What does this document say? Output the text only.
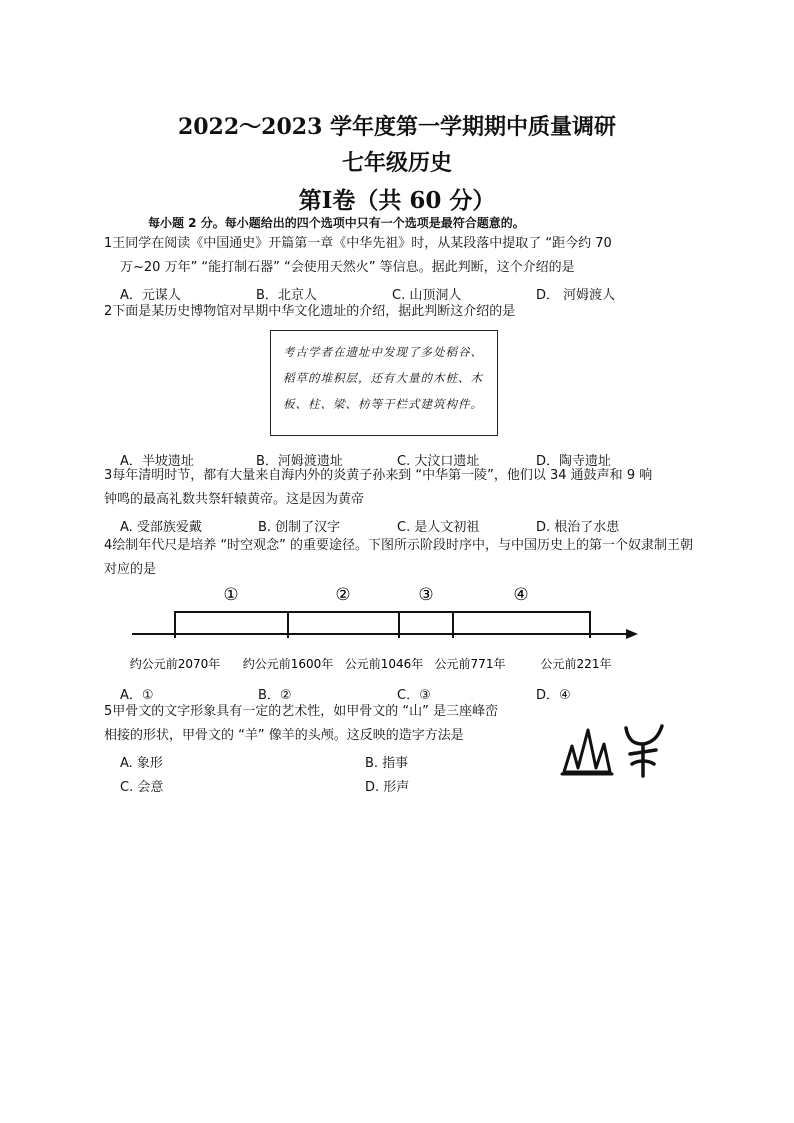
2022～2023 学年度第一学期期中质量调研
七年级历史
第Ⅰ卷（共 60 分）
每小题 2 分。每小题给出的四个选项中只有一个选项是最符合题意的。
1王同学在阅读《中国通史》开篇第一章《中华先祖》时，从某段落中提取了 “距今约 70
万~20 万年” “能打制石器” “会使用天然火” 等信息。据此判断，这个介绍的是
A．元谋人	B．北京人	C. 山顶洞人	D． 河姆渡人
2下面是某历史博物馆对早期中华文化遗址的介绍，据此判断这介绍的是
考古学者在遗址中发现了多处稻谷、稻草的堆积层，还有大量的木桩、木板、柱、梁、枋等干栏式建筑构件。
A．半坡遗址	B．河姆渡遗址	C. 大汶口遗址	D．陶寺遗址
3每年清明时节，都有大量来自海内外的炎黄子孙来到 “中华第一陵”，他们以 34 通鼓声和 9 响
钟鸣的最高礼数共祭轩辕黄帝。这是因为黄帝
A. 受部族爱戴	B. 创制了汉字	C. 是人文初祖	D. 根治了水患
4绘制年代尺是培养 “时空观念” 的重要途径。下图所示阶段时序中，与中国历史上的第一个奴隶制王朝
对应的是
①	②	③	④
约公元前2070年 约公元前1600年 公元前1046年 公元前771年	公元前221年
A．①	B．②	C．③	D．④
5甲骨文的文字形象具有一定的艺术性，如甲骨文的 “山” 是三座峰峦
相接的形状，甲骨文的 “羊” 像羊的头颅。这反映的造字方法是
A. 象形	B. 指事
C. 会意	D. 形声
